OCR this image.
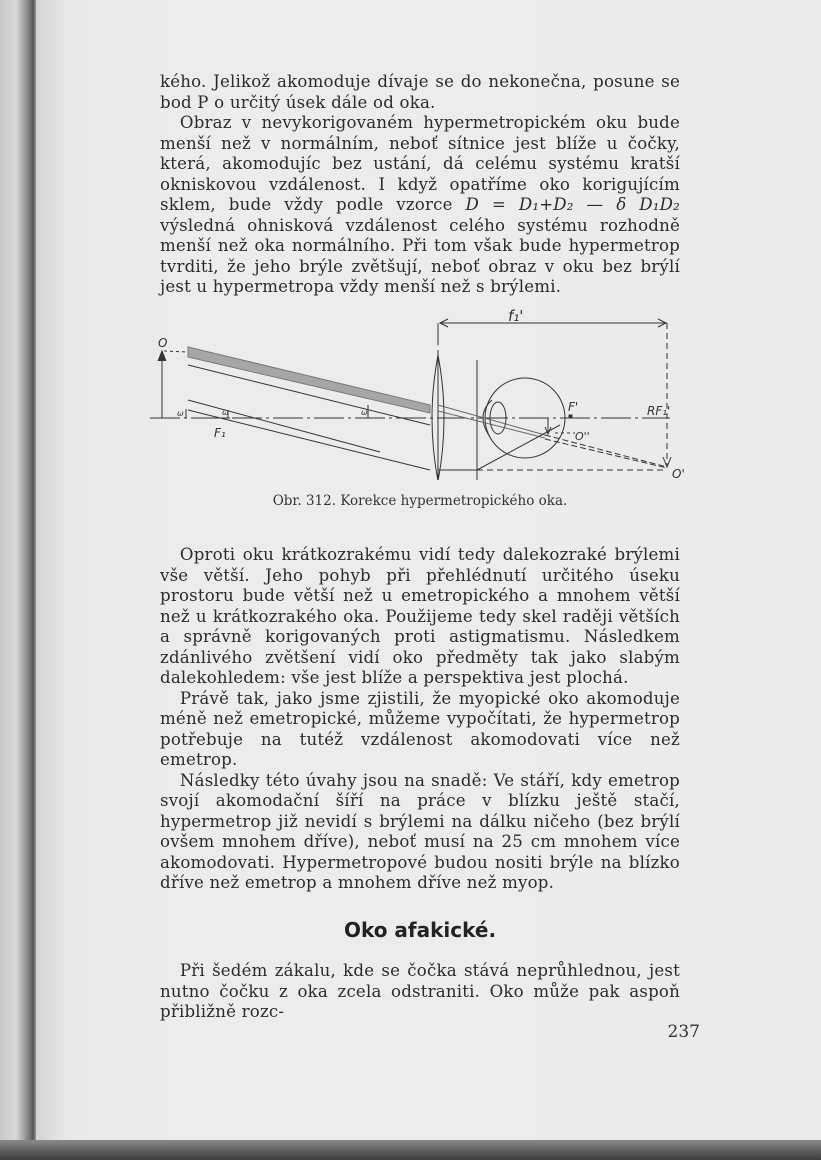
kého. Jelikož akomoduje dívaje se do nekonečna, posune se bod P o určitý úsek dále od oka.

Obraz v nevykorigovaném hypermetropickém oku bude menší než v normálním, neboť sítnice jest blíže u čočky, která, akomodujíc bez ustání, dá celému systému kratší okniskovou vzdálenost. I když opatříme oko korigujícím sklem, bude vždy podle vzorce D = D₁+D₂ — δ D₁D₂ výsledná ohnisková vzdálenost celého systému rozhodně menší než oka normálního. Při tom však bude hypermetrop tvrditi, že jeho brýle zvětšují, neboť obraz v oku bez brýlí jest u hypermetropa vždy menší než s brýlemi.

O
f₁'
ω	ω	ω
F₁
F'	RF₁'
O''
O'
Obr. 312. Korekce hypermetropického oka.

Oproti oku krátkozrakému vidí tedy dalekozraké brýlemi vše větší. Jeho pohyb při přehlédnutí určitého úseku prostoru bude větší než u emetropického a mnohem větší než u krátkozrakého oka. Použijeme tedy skel raději větších a správně korigovaných proti astigmatismu. Následkem zdánlivého zvětšení vidí oko předměty tak jako slabým dalekohledem: vše jest blíže a perspektiva jest plochá.

Právě tak, jako jsme zjistili, že myopické oko akomoduje méně než emetropické, můžeme vypočítati, že hypermetrop potřebuje na tutéž vzdálenost akomodovati více než emetrop.

Následky této úvahy jsou na snadě: Ve stáří, kdy emetrop svojí akomodační šíří na práce v blízku ještě stačí, hypermetrop již nevidí s brýlemi na dálku ničeho (bez brýlí ovšem mnohem dříve), neboť musí na 25 cm mnohem více akomodovati. Hypermetropové budou nositi brýle na blízko dříve než emetrop a mnohem dříve než myop.

Oko afakické.

Při šedém zákalu, kde se čočka stává neprůhlednou, jest nutno čočku z oka zcela odstraniti. Oko může pak aspoň přibližně rozc-

237
